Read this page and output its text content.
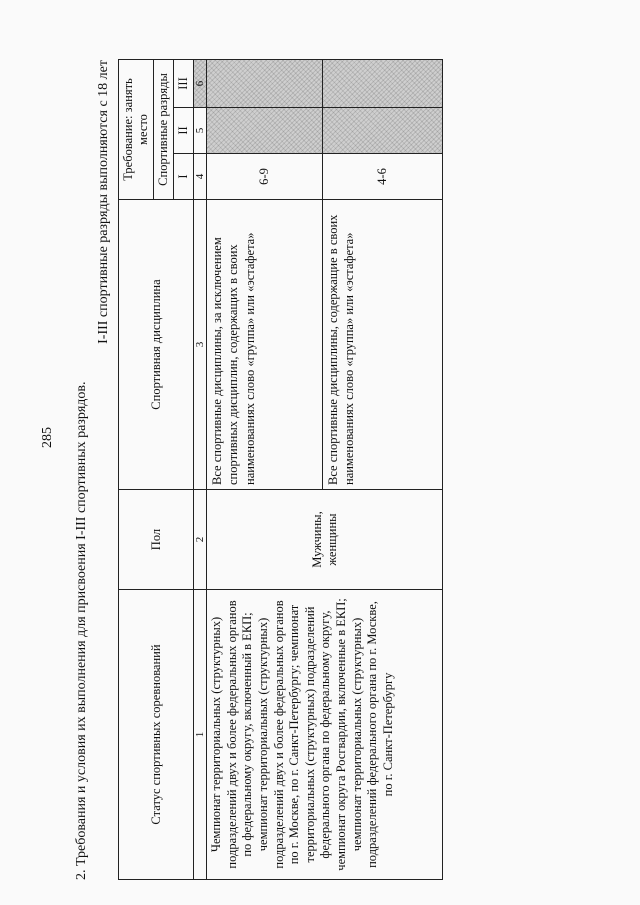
285 2. Требования и условия их выполнения для присвоения I-III спортивных разрядов.
I-III спортивные разряды выполняются с 18 лет
Статус спортивных соревнований	Пол	Спортивная дисциплина	Требование: занять место		
			Спортивные разряды		
			I	II	III
1	2	3	4	5	6
Чемпионат территориальных (структурных) подразделений двух и более федеральных органов по федеральному округу, включенный в ЕКП; чемпионат территориальных (структурных) подразделений двух и более федеральных органов по г. Москве, по г. Санкт-Петербургу; чемпионат территориальных (структурных) подразделений федерального органа по федеральному округу, чемпионат округа Росгвардии, включенные в ЕКП; чемпионат территориальных (структурных) подразделений федерального органа по г. Москве, по г. Санкт-Петербургу	Мужчины, женщины	Все спортивные дисциплины, за исключением спортивных дисциплин, содержащих в своих наименованиях слово «группа» или «эстафета»	6-9		
		Все спортивные дисциплины, содержащие в своих наименованиях слово «группа» или «эстафета»	4-6		
